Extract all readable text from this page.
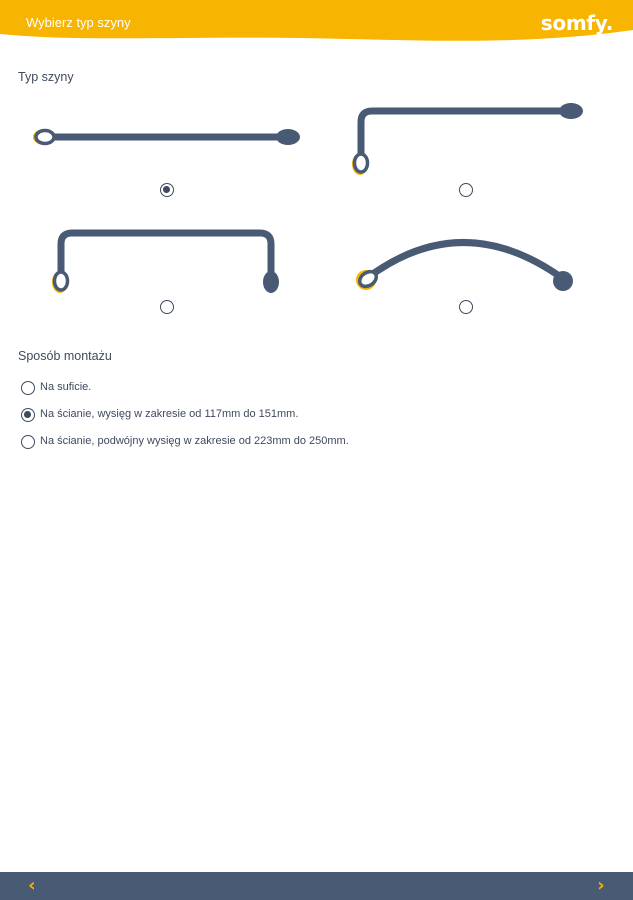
Wybierz typ szyny	somfy.
Typ szyny
Sposób montażu
Na suficie.
Na ścianie, wysięg w zakresie od 117mm do 151mm.
Na ścianie, podwójny wysięg w zakresie od 223mm do 250mm.
‹	›
